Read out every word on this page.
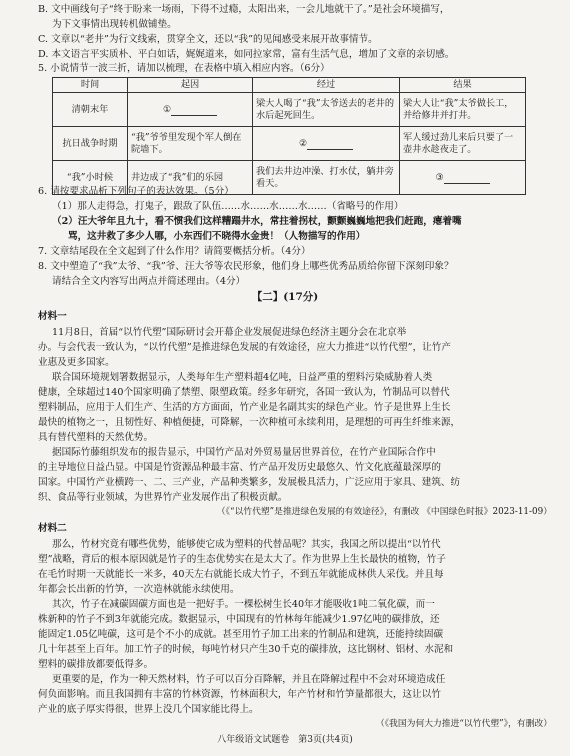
B. 文中画线句子“终于盼来一场雨，下得不过瘾，太阳出来，一会儿地就干了。”是社会环境描写，
为下文事情出现转机做铺垫。
C. 文章以“老井”为行文线索，贯穿全文，还以“我”的见闻感受来展开故事情节。
D. 本文语言平实质朴、平白如话，娓娓道来，如同拉家常，富有生活气息，增加了文章的亲切感。
5. 小说情节一波三折，请加以梳理，在表格中填入相应内容。（6分）
时间	起因	经过	结果
清朝末年	①	梁大人喝了“我”太爷送去的老井的水后起死回生。	梁大人让“我”太爷做长工，并给修井并打井。
抗日战争时期	“我”爷爷里发现个军人倒在院墙下。	②	军人缓过劲儿来后只要了一壶井水趁夜走了。
“我”小时候	井边成了“我”们的乐园	我们去井边冲澡、打水仗，躺井旁看天。	③
6. 请按要求品析下列句子的表达效果。（5分）
（1）那人走得急，打鬼子，跟敌了队伍……水……水……水……（省略号的作用）
（2）汪大爷年且九十，看不惯我们这样糟蹋井水，常拄着拐杖，颤颤巍巍地把我们赶跑，瘪着嘴
骂，这井救了多少人哪，小东西们不晓得水金贵！（人物描写的作用）
7. 文章结尾段在全文起到了什么作用？请简要概括分析。（4分）
8. 文中塑造了“我”太爷、“我”爷、汪大爷等农民形象，他们身上哪些优秀品质给你留下深刻印象？
请结合全文内容写出两点并简述理由。（4分）
【二】(17分)
材料一
11月8日，首届“以竹代塑”国际研讨会开幕企业发展促进绿色经济主题分会在北京举
办。与会代表一致认为，“以竹代塑”是推进绿色发展的有效途径，应大力推进“以竹代塑”，让竹产
业惠及更多国家。
联合国环境规划署数据显示，人类每年生产塑料超4亿吨，日益严重的塑料污染威胁着人类
健康，全球超过140个国家明确了禁塑、限塑政策。经多年研究，各国一致认为，竹制品可以替代
塑料制品，应用于人们生产、生活的方方面面，竹产业是名副其实的绿色产业。竹子是世界上生长
最快的植物之一，且韧性好、种植便捷，可降解，一次种植可永续利用，是理想的可再生纤维来源，
具有替代塑料的天然优势。
据国际竹藤组织发布的报告显示，中国竹产品对外贸易量居世界首位，在竹产业国际合作中
的主导地位日益凸显。中国是竹资源品种最丰富、竹产品开发历史最悠久、竹文化底蕴最深厚的
国家。中国竹产业横跨一、二、三产业，产品种类繁多，发展极具活力，广泛应用于家具、建筑、纺
织、食品等行业领域，为世界竹产业发展作出了积极贡献。
（《“以竹代塑”是推进绿色发展的有效途径》，有删改 《中国绿色时报》2023-11-09）
材料二
那么，竹材究竟有哪些优势，能够使它成为塑料的代替品呢？其实，我国之所以提出“以竹代
塑”战略，背后的根本原因就是竹子的生态优势实在是太大了。作为世界上生长最快的植物，竹子
在毛竹时期一天就能长一米多，40天左右就能长成大竹子，不到五年就能成林供人采伐。并且每
年都会长出新的竹笋，一次造林就能永续使用。
其次，竹子在减碳固碳方面也是一把好手。一棵松树生长40年才能吸收1吨二氧化碳，而一
株新种的竹子不到3年就能完成。数据显示，中国现有的竹林每年能减少1.97亿吨的碳排放，还
能固定1.05亿吨碳，这可是个不小的成就。甚至用竹子加工出来的竹制品和建筑，还能持续固碳
几十年甚至上百年。加工竹子的时候，每吨竹材只产生30千克的碳排放，这比钢材、铝材、水泥和
塑料的碳排放都要低得多。
更重要的是，作为一种天然材料，竹子可以百分百降解，并且在降解过程中不会对环境造成任
何负面影响。而且我国拥有丰富的竹林资源，竹林面积大，年产竹材和竹笋量都很大，这让以竹
产业的底子厚实得很，世界上没几个国家能比得上。
（《我国为何大力推进“以竹代塑”》，有删改）
八年级语文试题卷　第3页(共4页)
